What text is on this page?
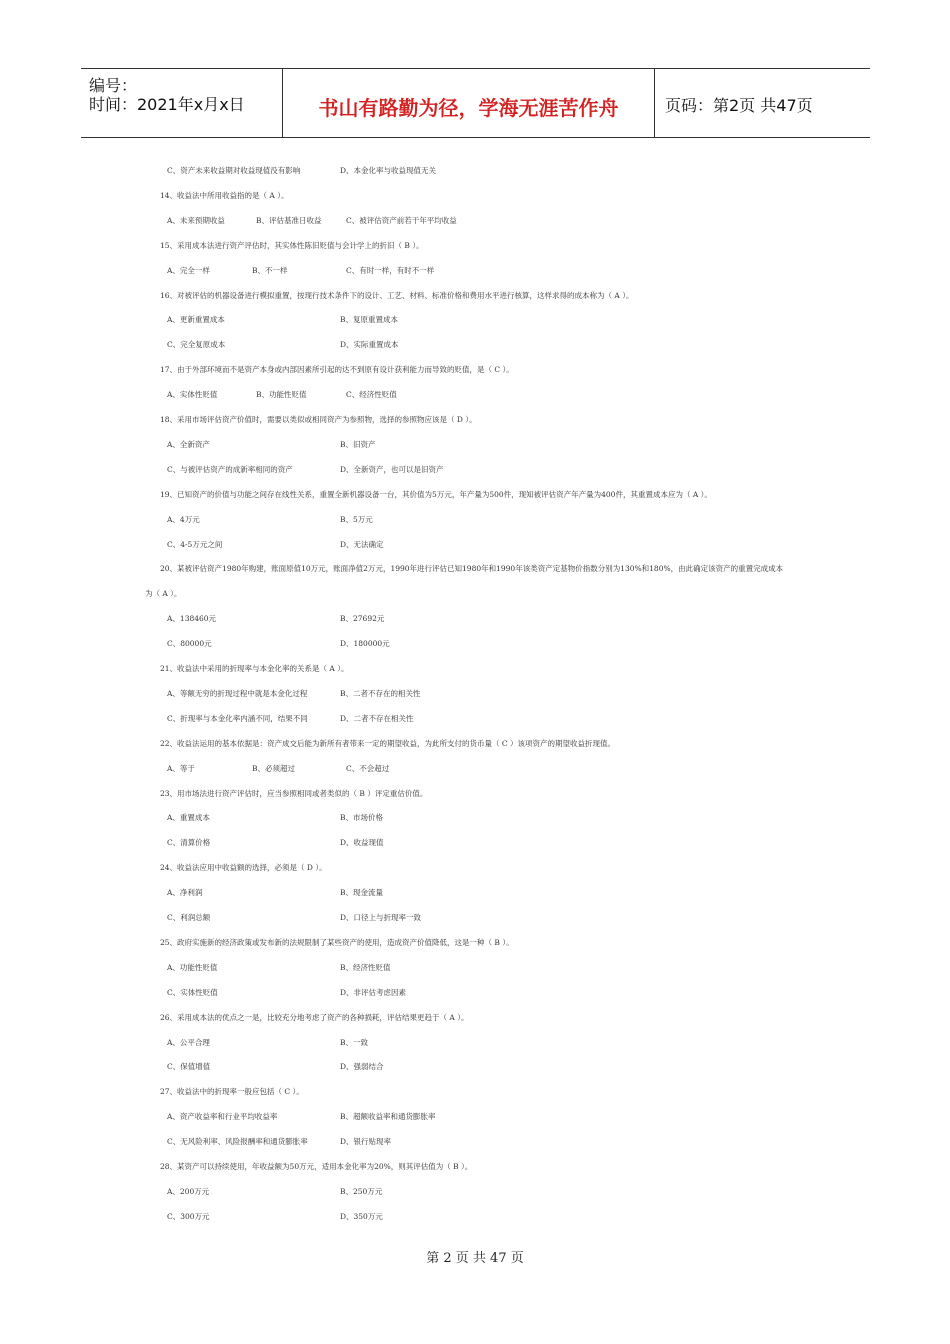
编号：
时间：2021年x月x日	书山有路勤为径，学海无涯苦作舟	页码：第2页 共47页
C、资产未来收益期对收益现值没有影响	D、本金化率与收益现值无关
14、收益法中所用收益指的是（ A ）。
A、未来预期收益	B、评估基准日收益	C、被评估资产前若干年平均收益
15、采用成本法进行资产评估时，其实体性陈旧贬值与会计学上的折旧（ B ）。
A、完全一样	B、不一样	C、有时一样，有时不一样
16、对被评估的机器设备进行模拟重置，按现行技术条件下的设计、工艺、材料、标准价格和费用水平进行核算，这样求得的成本称为（ A ）。
A、更新重置成本	B、复原重置成本
C、完全复原成本	D、实际重置成本
17、由于外部环境而不是资产本身或内部因素所引起的达不到原有设计获利能力而导致的贬值，是（ C ）。
A、实体性贬值	B、功能性贬值	C、经济性贬值
18、采用市场评估资产价值时，需要以类似或相同资产为参照物，选择的参照物应该是（ D ）。
A、全新资产	B、旧资产
C、与被评估资产的成新率相同的资产	D、全新资产，也可以是旧资产
19、已知资产的价值与功能之间存在线性关系，重置全新机器设备一台，其价值为5万元，年产量为500件，现知被评估资产年产量为400件，其重置成本应为（ A ）。
A、4万元	B、5万元
C、4-5万元之间	D、无法确定
20、某被评估资产1980年购建，账面原值10万元，账面净值2万元，1990年进行评估已知1980年和1990年该类资产定基物价指数分别为130%和180%，由此确定该资产的重置完成成本
为（ A ）。
A、138460元	B、27692元
C、80000元	D、180000元
21、收益法中采用的折现率与本金化率的关系是（ A ）。
A、等额无穷的折现过程中就是本金化过程	B、二者不存在的相关性
C、折现率与本金化率内涵不同，结果不同	D、二者不存在相关性
22、收益法运用的基本依据是：资产成交后能为新所有者带来一定的期望收益，为此所支付的货币量（ C ）该项资产的期望收益折现值。
A、等于	B、必须超过	C、不会超过
23、用市场法进行资产评估时，应当参照相同或者类似的（ B ）评定重估价值。
A、重置成本	B、市场价格
C、清算价格	D、收益现值
24、收益法应用中收益额的选择，必须是（ D ）。
A、净利润	B、现金流量
C、利润总额	D、口径上与折现率一致
25、政府实施新的经济政策或发布新的法规限制了某些资产的使用，造成资产价值降低，这是一种（ B ）。
A、功能性贬值	B、经济性贬值
C、实体性贬值	D、非评估考虑因素
26、采用成本法的优点之一是，比较充分地考虑了资产的各种损耗，评估结果更趋于（ A ）。
A、公平合理	B、一致
C、保值增值	D、强弱结合
27、收益法中的折现率一般应包括（ C ）。
A、资产收益率和行业平均收益率	B、超额收益率和通货膨胀率
C、无风险利率、风险报酬率和通货膨胀率	D、银行贴现率
28、某资产可以持续使用，年收益额为50万元，适用本金化率为20%，则其评估值为（ B ）。
A、200万元	B、250万元
C、300万元	D、350万元
第 2 页 共 47 页
